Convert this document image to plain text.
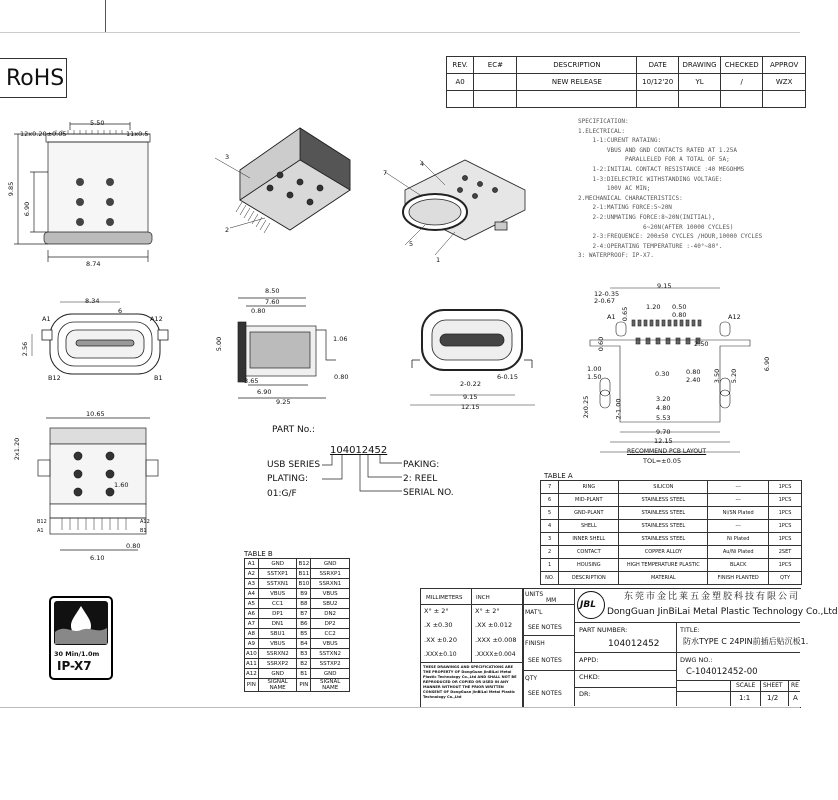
RoHS
REV.	EC#	DESCRIPTION	DATE	DRAWING	CHECKED	APPROV
A0		NEW RELEASE	10/12'20	YL	/	WZX

SPECIFICATION:
1.ELECTRICAL:
1-1:CURENT RATAING:
VBUS AND GND CONTACTS RATED AT 1.25A
PARALLELED FOR A TOTAL OF 5A;
1-2:INITIAL CONTACT RESISTANCE :40 MEGOHMS
1-3:DIELECTRIC WITHSTANDING VOLTAGE:
100V AC MIN;
2.MECHANICAL CHARACTERISTICS:
2-1:MATING FORCE:5~20N
2-2:UNMATING FORCE:8~20N(INITIAL),
6~20N(AFTER 10000 CYCLES)
2-3:FREQUENCE: 200±50 CYCLES /HOUR,10000 CYCLES
2-4:OPERATING TEMPERATURE :-40°~80°.
3: WATERPROOF: IP-X7.
5.50
12x0.20±0.05	11x0.5
9.85
6.90
8.74
3
2
7
4
5
1
8.34
6
A1	A12
2.56
B12	B1
8.50
7.60
0.80
5.00	1.06
0.80
3.65
6.90
9.25
6-0.15
2-0.22
9.15
12.15
9.15
12-0.35
2-0.67
1.20 0.50
0.80
0.65
A1	A12
0.60	2.50
6.90
5.20
3.50
1.50
1.00
0.30	0.80
2.40
2x0.25	2-1.00	3.20
4.80
5.53
9.70
12.15
RECOMMEND PCB LAYOUT
TOL=±0.05
10.65
2x1.20
1.60
B12
A1
A12
B1
0.80
6.10
PART No.:
104012452
USB SERIES
PLATING:
01:G/F
PAKING:
2: REEL
SERIAL NO.
TABLE A
7	RING	SILICON	---	1PCS
6	MID-PLANT	STAINLESS STEEL	---	1PCS
5	GND-PLANT	STAINLESS STEEL	Ni/SN Plated	1PCS
4	SHELL	STAINLESS STEEL	---	1PCS
3	INNER SHELL	STAINLESS STEEL	Ni Plated	1PCS
2	CONTACT	COPPER ALLOY	Au/Ni Plated	2SET
1	HOUSING	HIGH TEMPERATURE PLASTIC	BLACK	1PCS
NO.	DESCRIPTION	MATERIAL	FINISH PLANTED	QTY
TABLE B
A1	GND	B12	GND
A2	SSTXP1	B11	SSRXP1
A3	SSTXN1	B10	SSRXN1
A4	VBUS	B9	VBUS
A5	CC1	B8	SBU2
A6	DP1	B7	DN2
A7	DN1	B6	DP2
A8	SBU1	B5	CC2
A9	VBUS	B4	VBUS
A10	SSRXN2	B3	SSTXN2
A11	SSRXP2	B2	SSTXP2
A12	GND	B1	GND
PIN	SIGNAL NAME	PIN	SIGNAL NAME
30 Min/1.0m
IP-X7
MILLIMETERS INCH
X° ± 2°	X° ± 2°
.X ±0.30	.XX ±0.012
.XX ±0.20	.XXX ±0.008
.XXX±0.10	.XXXX±0.004
THESE DRAWINGS AND SPECIFICATIONS ARE THE PROPERTY OF DongGuan JinBiLai Metal Plastic Technology Co.,Ltd AND SHALL NOT BE REPRODUCED OR COPIED OR USED IN ANY MANNER WITHOUT THE PRIOR WRITTEN CONSENT OF DongGuan JinBiLai Metal Plastic Technology Co.,Ltd
UNITS
MM
MAT'L
SEE NOTES
FINISH
SEE NOTES
QTY
SEE NOTES
JBL
东莞市金比莱五金塑胶科技有限公司
DongGuan JinBiLai Metal Plastic Technology Co.,Ltd
PART NUMBER:
104012452
TITLE:
防水TYPE C 24PIN前插后贴沉板1.
APPD:
CHKD:
DR:
DWG NO.:
C-104012452-00
SCALE
1:1
SHEET
1/2
RE
A
